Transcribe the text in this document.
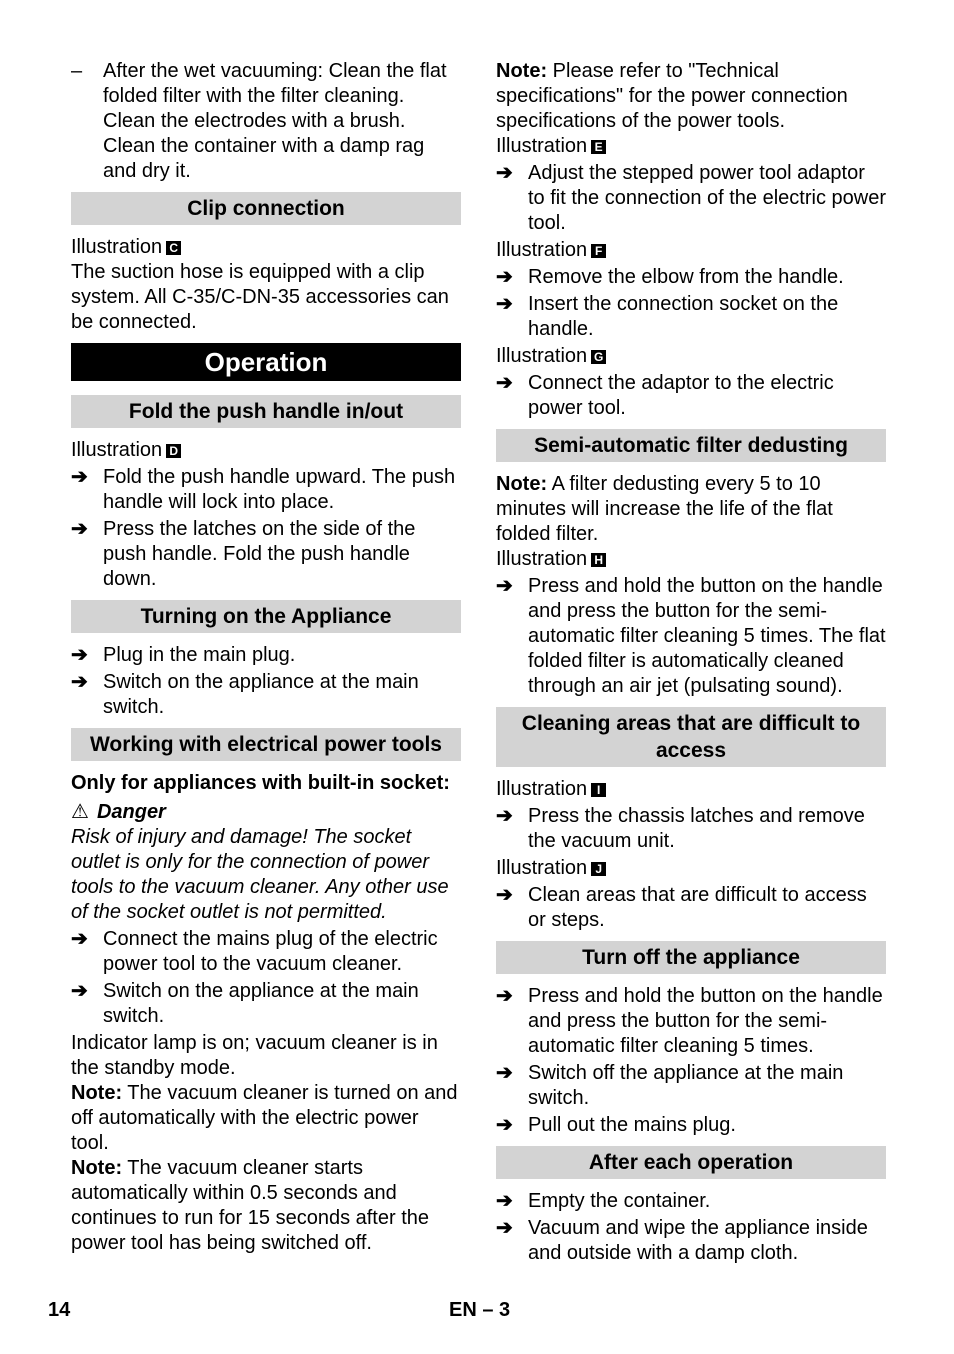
– After the wet vacuuming: Clean the flat folded filter with the filter cleaning. Clean the electrodes with a brush. Clean the container with a damp rag and dry it.

Clip connection

Illustration C

The suction hose is equipped with a clip system. All C-35/C-DN-35 accessories can be connected.

Operation
Fold the push handle in/out

Illustration D

➔ Fold the push handle upward. The push handle will lock into place.

➔ Press the latches on the side of the push handle. Fold the push handle down.

Turning on the Appliance

➔ Plug in the main plug.

➔ Switch on the appliance at the main switch.

Working with electrical power tools

Only for appliances with built-in socket:

⚠ Danger

Risk of injury and damage! The socket outlet is only for the connection of power tools to the vacuum cleaner. Any other use of the socket outlet is not permitted.

➔ Connect the mains plug of the electric power tool to the vacuum cleaner.

➔ Switch on the appliance at the main switch.

Indicator lamp is on; vacuum cleaner is in the standby mode.

Note: The vacuum cleaner is turned on and off automatically with the electric power tool.

Note: The vacuum cleaner starts automatically within 0.5 seconds and continues to run for 15 seconds after the power tool has being switched off.

Note: Please refer to "Technical specifications" for the power connection specifications of the power tools.

Illustration E

➔ Adjust the stepped power tool adaptor to fit the connection of the electric power tool.

Illustration F

➔ Remove the elbow from the handle.

➔ Insert the connection socket on the handle.

Illustration G

➔ Connect the adaptor to the electric power tool.

Semi-automatic filter dedusting

Note: A filter dedusting every 5 to 10 minutes will increase the life of the flat folded filter.

Illustration H

➔ Press and hold the button on the handle and press the button for the semi-automatic filter cleaning 5 times. The flat folded filter is automatically cleaned through an air jet (pulsating sound).

Cleaning areas that are difficult to access

Illustration I

➔ Press the chassis latches and remove the vacuum unit.

Illustration J

➔ Clean areas that are difficult to access or steps.

Turn off the appliance

➔ Press and hold the button on the handle and press the button for the semi-automatic filter cleaning 5 times.

➔ Switch off the appliance at the main switch.

➔ Pull out the mains plug.

After each operation

➔ Empty the container.

➔ Vacuum and wipe the appliance inside and outside with a damp cloth.

14	EN – 3
